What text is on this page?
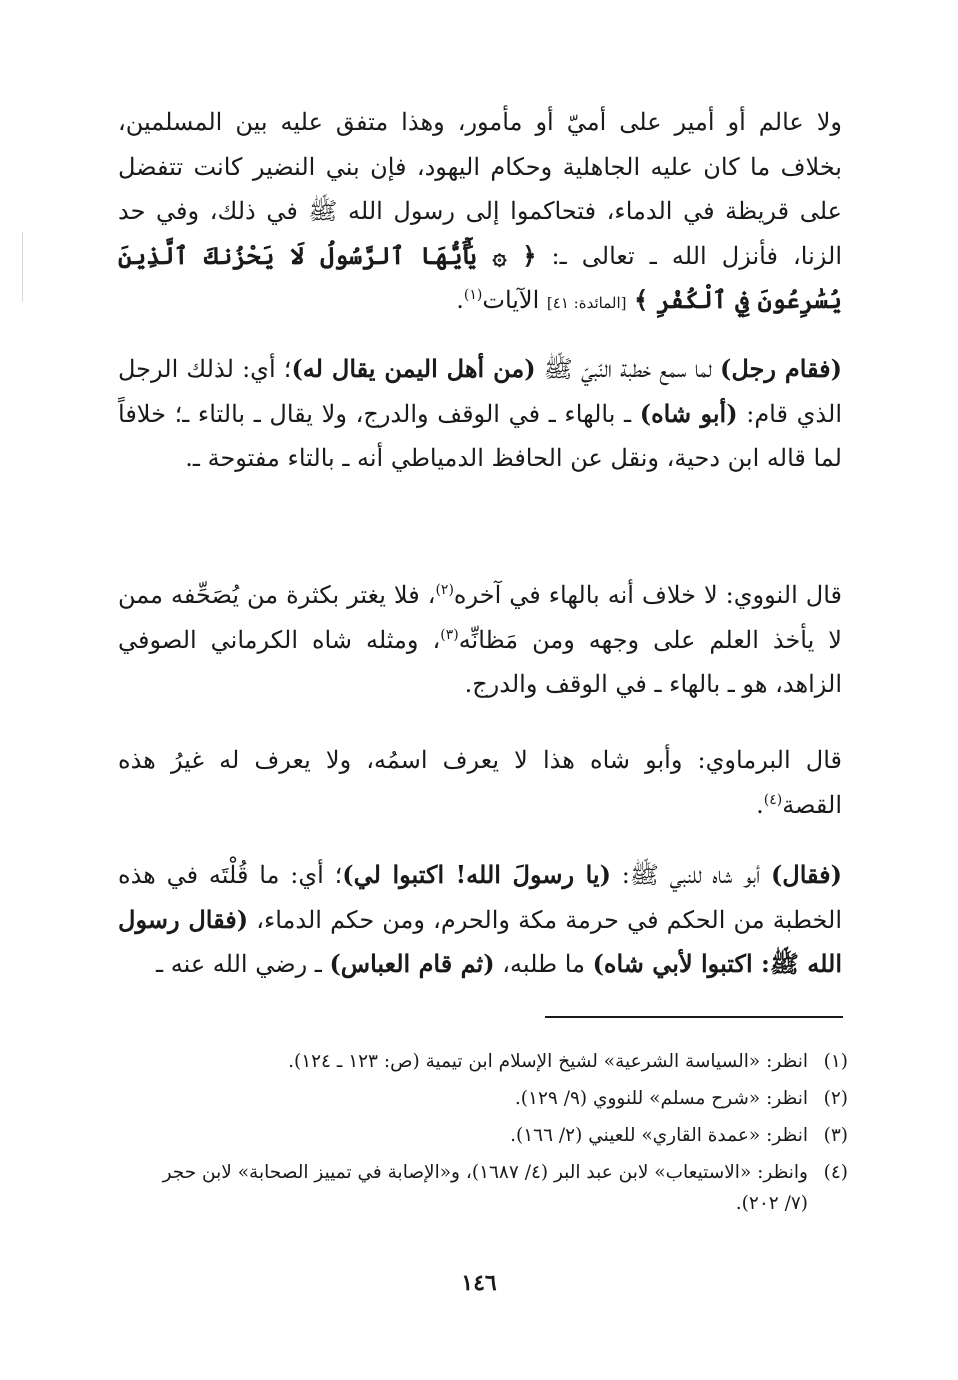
ولا عالم أو أمير على أميّ أو مأمور، وهذا متفق عليه بين المسلمين، بخلاف ما كان عليه الجاهلية وحكام اليهود، فإن بني النضير كانت تتفضل على قريظة في الدماء، فتحاكموا إلى رسول الله ﷺ في ذلك، وفي حد الزنا، فأنزل الله ـ تعالى ـ: ﴿ ۞ يَٰٓأَيُّهَا ٱلرَّسُولُ لَا يَحْزُنكَ ٱلَّذِينَ يُسَٰرِعُونَ فِي ٱلْكُفْرِ ﴾ [المائدة: ٤١] الآيات$^{(١)}$.

(فقام رجل) لما سمع خطبة النّبيّ ﷺ (من أهل اليمن يقال له)؛ أي: لذلك الرجل الذي قام: (أبو شاه) ـ بالهاء ـ في الوقف والدرج، ولا يقال ـ بالتاء ـ؛ خلافاً لما قاله ابن دحية، ونقل عن الحافظ الدمياطي أنه ـ بالتاء مفتوحة ـ.

قال النووي: لا خلاف أنه بالهاء في آخره$^{(٢)}$، فلا يغتر بكثرة من يُصَحِّفه ممن لا يأخذ العلم على وجهه ومن مَظانِّه$^{(٣)}$، ومثله شاه الكرماني الصوفي الزاهد، هو ـ بالهاء ـ في الوقف والدرج.

قال البرماوي: وأبو شاه هذا لا يعرف اسمُه، ولا يعرف له غيرُ هذه القصة$^{(٤)}$.

(فقال) أبو شاه للنبي ﷺ: (يا رسولَ الله! اكتبوا لي)؛ أي: ما قُلْتَه في هذه الخطبة من الحكم في حرمة مكة والحرم، ومن حكم الدماء، (فقال رسول الله ﷺ: اكتبوا لأبي شاه) ما طلبه، (ثم قام العباس) ـ رضي الله عنه ـ

(١)
انظر: «السياسة الشرعية» لشيخ الإسلام ابن تيمية (ص: ١٢٣ ـ ١٢٤).
(٢)
انظر: «شرح مسلم» للنووي (٩/ ١٢٩).
(٣)
انظر: «عمدة القاري» للعيني (٢/ ١٦٦).
(٤)
وانظر: «الاستيعاب» لابن عبد البر (٤/ ١٦٨٧)، و«الإصابة في تمييز الصحابة» لابن حجر (٧/ ٢٠٢).
١٤٦
